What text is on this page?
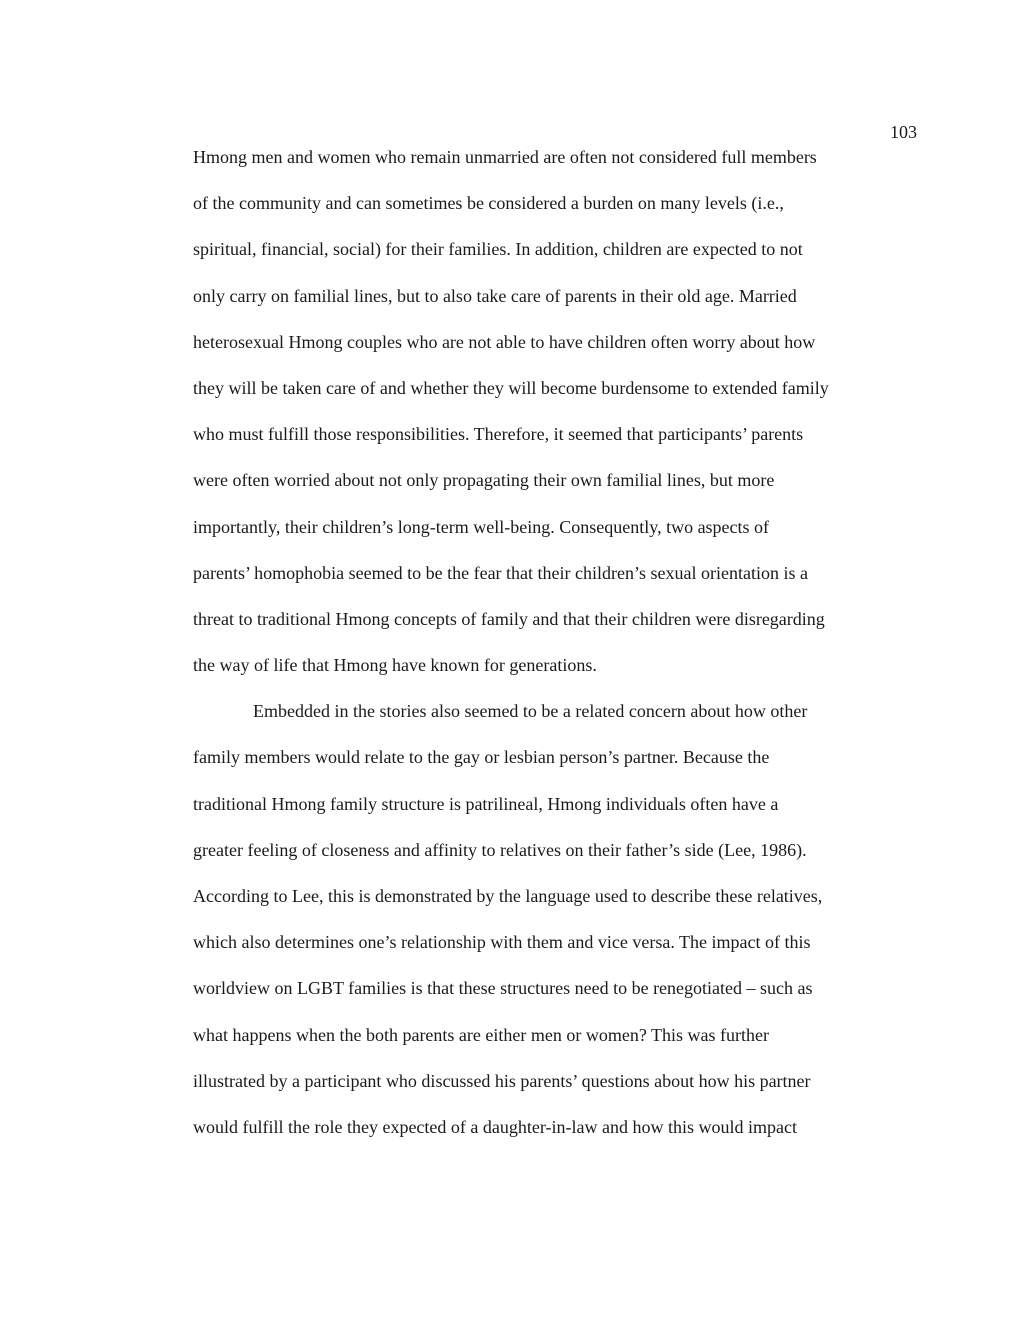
103
Hmong men and women who remain unmarried are often not considered full members
of the community and can sometimes be considered a burden on many levels (i.e.,
spiritual, financial, social) for their families. In addition, children are expected to not
only carry on familial lines, but to also take care of parents in their old age. Married
heterosexual Hmong couples who are not able to have children often worry about how
they will be taken care of and whether they will become burdensome to extended family
who must fulfill those responsibilities. Therefore, it seemed that participants’ parents
were often worried about not only propagating their own familial lines, but more
importantly, their children’s long-term well-being. Consequently, two aspects of
parents’ homophobia seemed to be the fear that their children’s sexual orientation is a
threat to traditional Hmong concepts of family and that their children were disregarding
the way of life that Hmong have known for generations.
Embedded in the stories also seemed to be a related concern about how other
family members would relate to the gay or lesbian person’s partner. Because the
traditional Hmong family structure is patrilineal, Hmong individuals often have a
greater feeling of closeness and affinity to relatives on their father’s side (Lee, 1986).
According to Lee, this is demonstrated by the language used to describe these relatives,
which also determines one’s relationship with them and vice versa. The impact of this
worldview on LGBT families is that these structures need to be renegotiated – such as
what happens when the both parents are either men or women? This was further
illustrated by a participant who discussed his parents’ questions about how his partner
would fulfill the role they expected of a daughter-in-law and how this would impact
